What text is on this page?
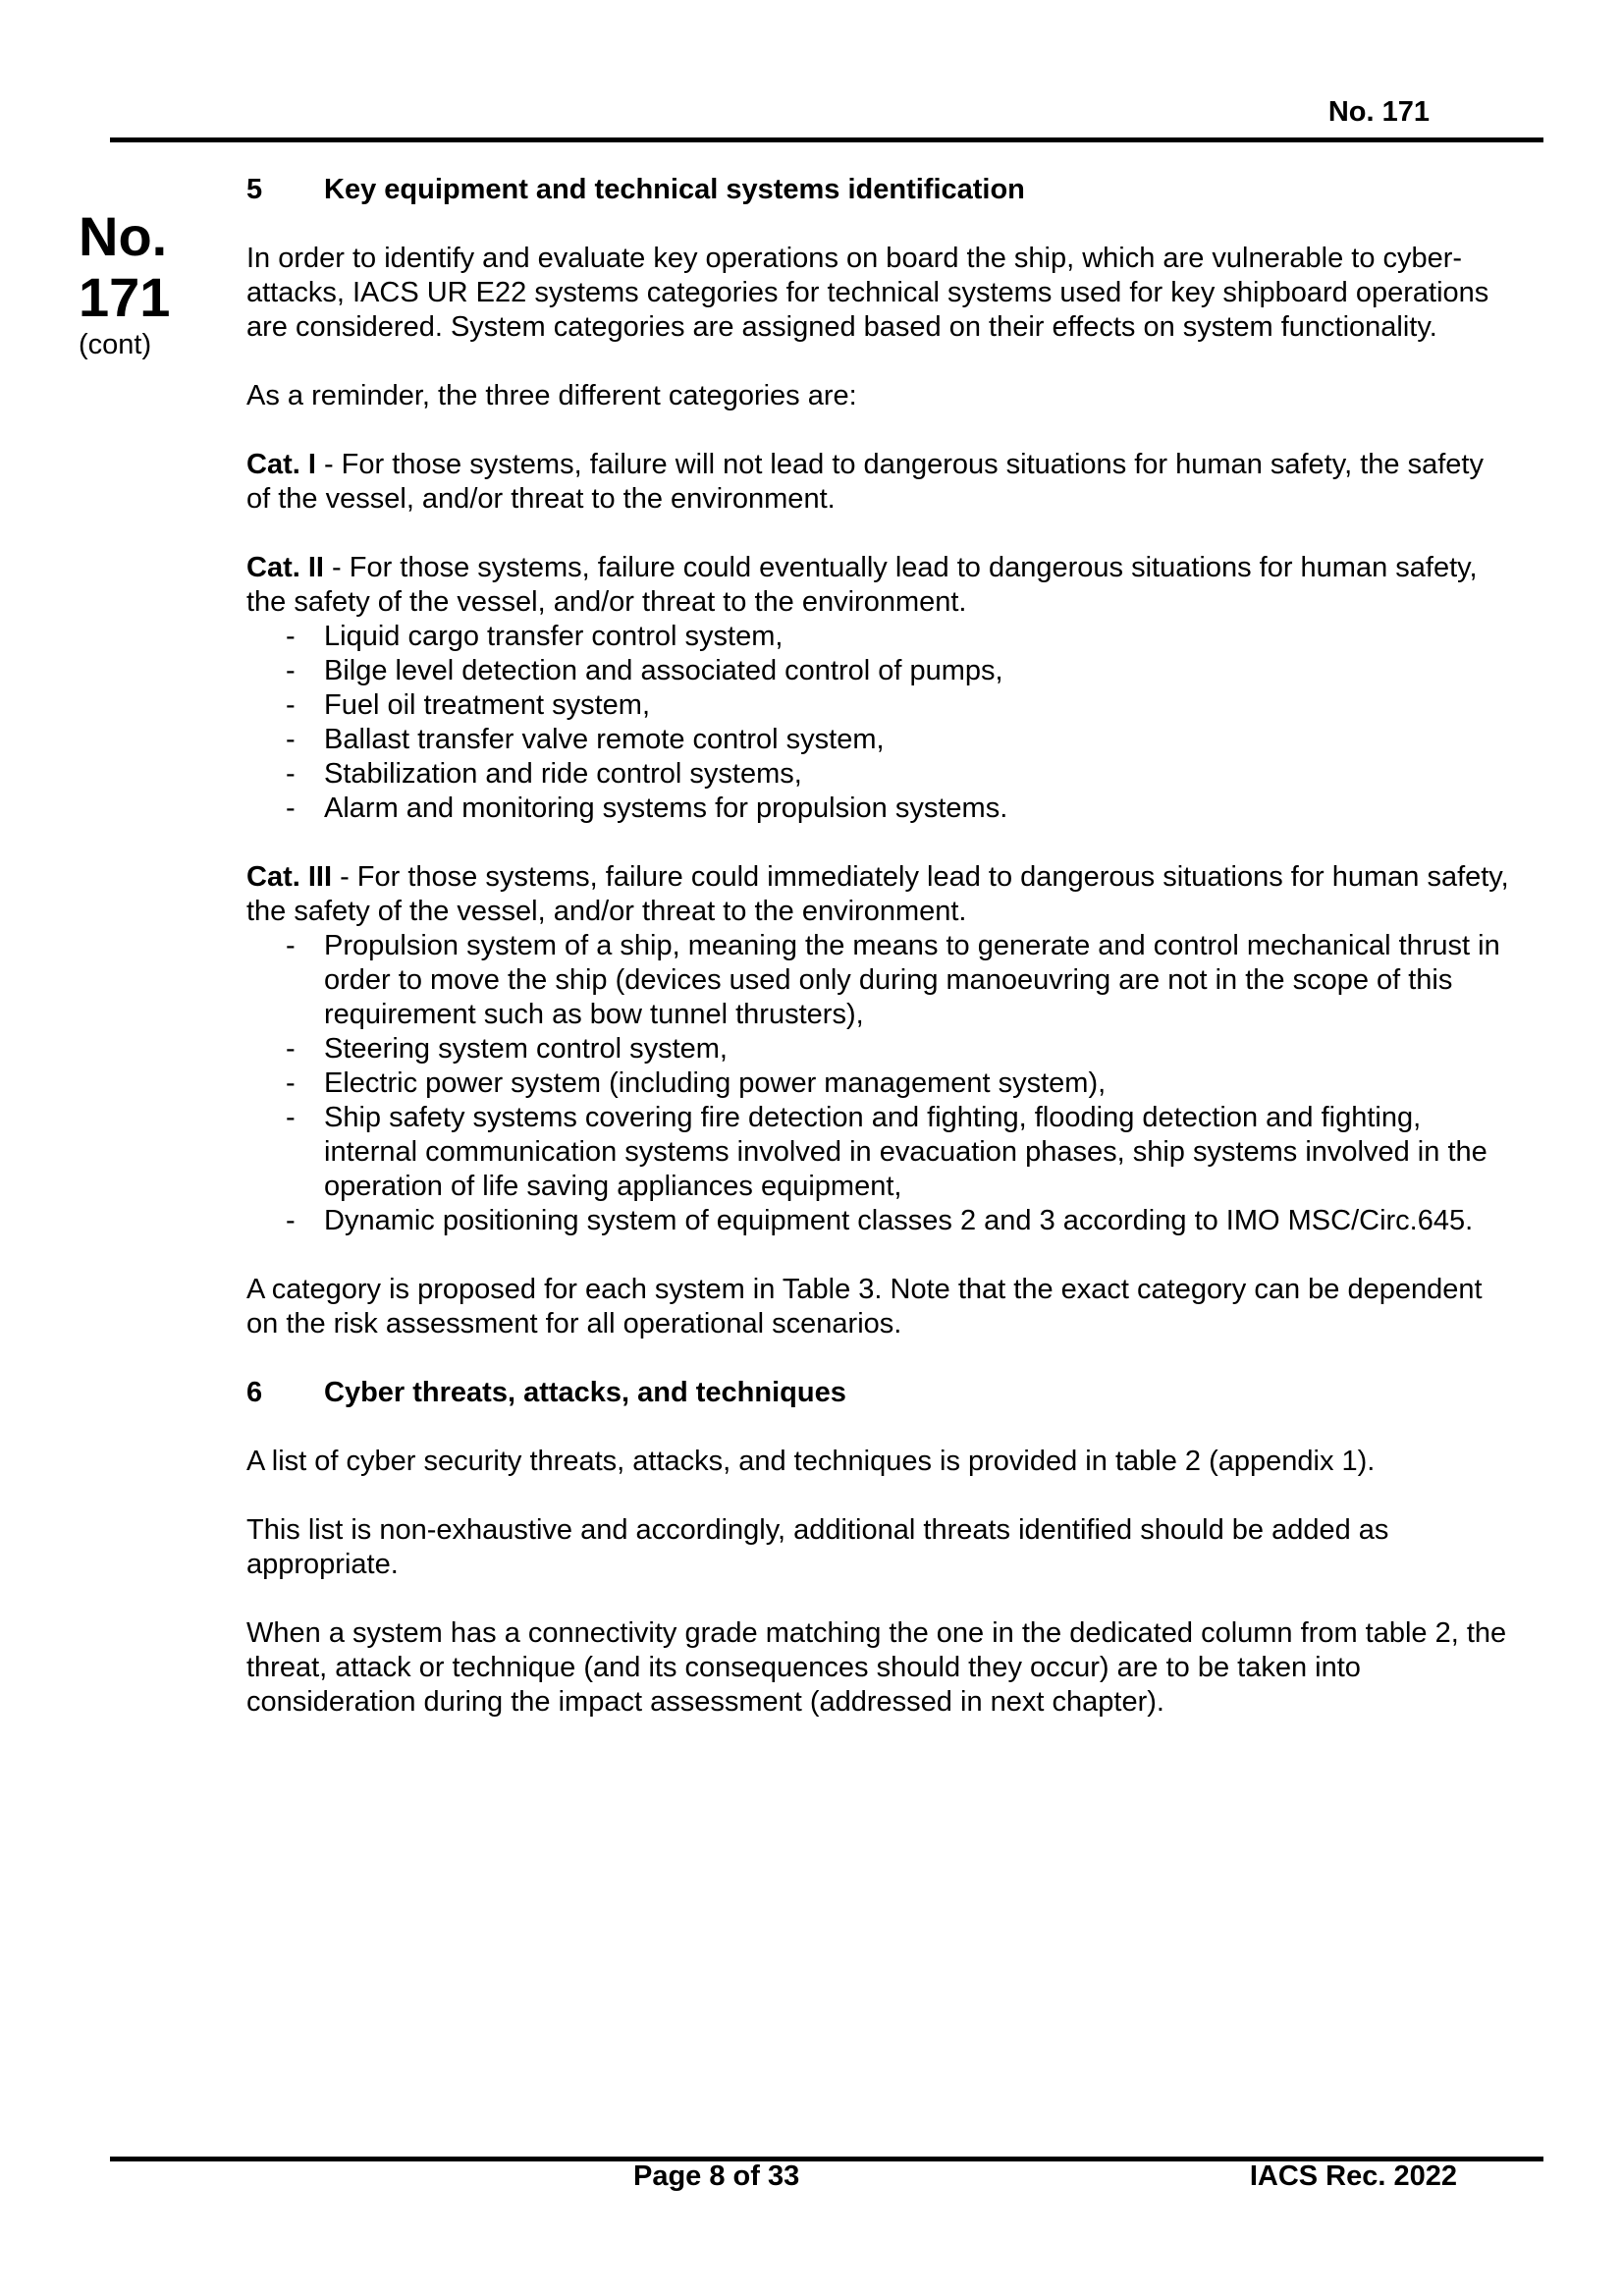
No. 171
No.
171
(cont)
5	Key equipment and technical systems identification

In order to identify and evaluate key operations on board the ship, which are vulnerable to cyber-attacks, IACS UR E22 systems categories for technical systems used for key shipboard operations are considered. System categories are assigned based on their effects on system functionality.

As a reminder, the three different categories are:

Cat. I - For those systems, failure will not lead to dangerous situations for human safety, the safety of the vessel, and/or threat to the environment.

Cat. II - For those systems, failure could eventually lead to dangerous situations for human safety, the safety of the vessel, and/or threat to the environment.
- Liquid cargo transfer control system,
- Bilge level detection and associated control of pumps,
- Fuel oil treatment system,
- Ballast transfer valve remote control system,
- Stabilization and ride control systems,
- Alarm and monitoring systems for propulsion systems.
Cat. III - For those systems, failure could immediately lead to dangerous situations for human safety, the safety of the vessel, and/or threat to the environment.
- Propulsion system of a ship, meaning the means to generate and control mechanical thrust in order to move the ship (devices used only during manoeuvring are not in the scope of this requirement such as bow tunnel thrusters),
- Steering system control system,
- Electric power system (including power management system),
- Ship safety systems covering fire detection and fighting, flooding detection and fighting, internal communication systems involved in evacuation phases, ship systems involved in the operation of life saving appliances equipment,
- Dynamic positioning system of equipment classes 2 and 3 according to IMO MSC/Circ.645.

A category is proposed for each system in Table 3. Note that the exact category can be dependent on the risk assessment for all operational scenarios.

6	Cyber threats, attacks, and techniques

A list of cyber security threats, attacks, and techniques is provided in table 2 (appendix 1).

This list is non-exhaustive and accordingly, additional threats identified should be added as appropriate.

When a system has a connectivity grade matching the one in the dedicated column from table 2, the threat, attack or technique (and its consequences should they occur) are to be taken into consideration during the impact assessment (addressed in next chapter).

Page 8 of 33	IACS Rec. 2022
